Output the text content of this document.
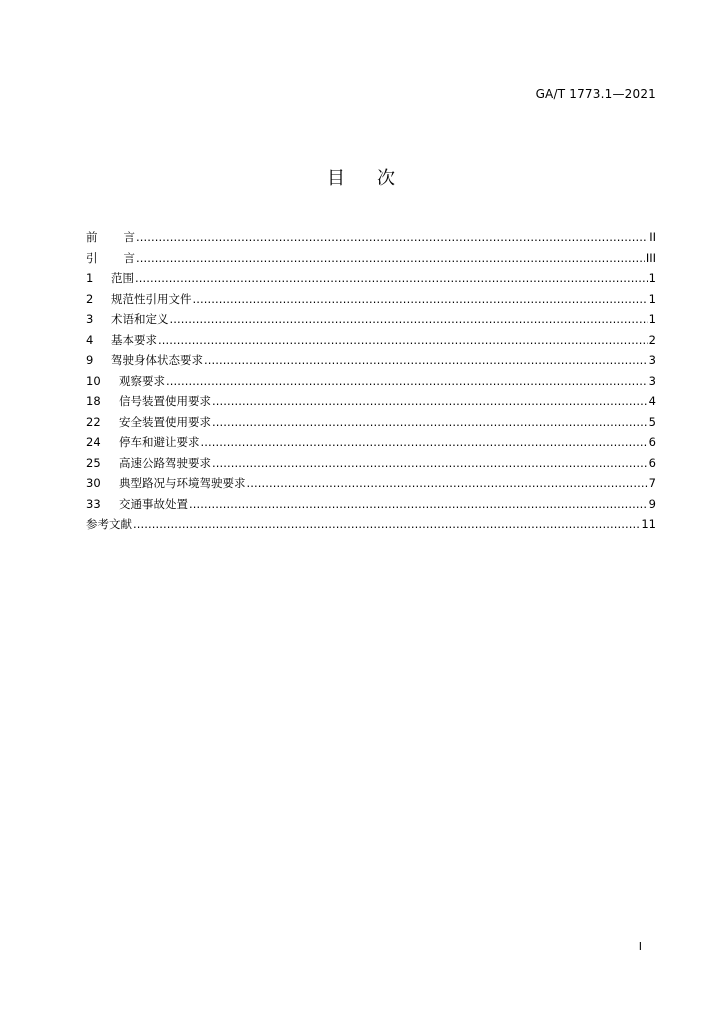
GA/T 1773.1—2021
目 次
前 言 .....	II
引 言 .....	III
1	范围 .....	1
2	规范性引用文件 .....	1
3	术语和定义 .....	1
4	基本要求 .....	2
9	驾驶身体状态要求 .....	3
10	观察要求 .....	3
18	信号装置使用要求 .....	4
22	安全装置使用要求 .....	5
24	停车和避让要求 .....	6
25	高速公路驾驶要求 .....	6
30	典型路况与环境驾驶要求 .....	7
33	交通事故处置 .....	9
参考文献 .....	11
I
